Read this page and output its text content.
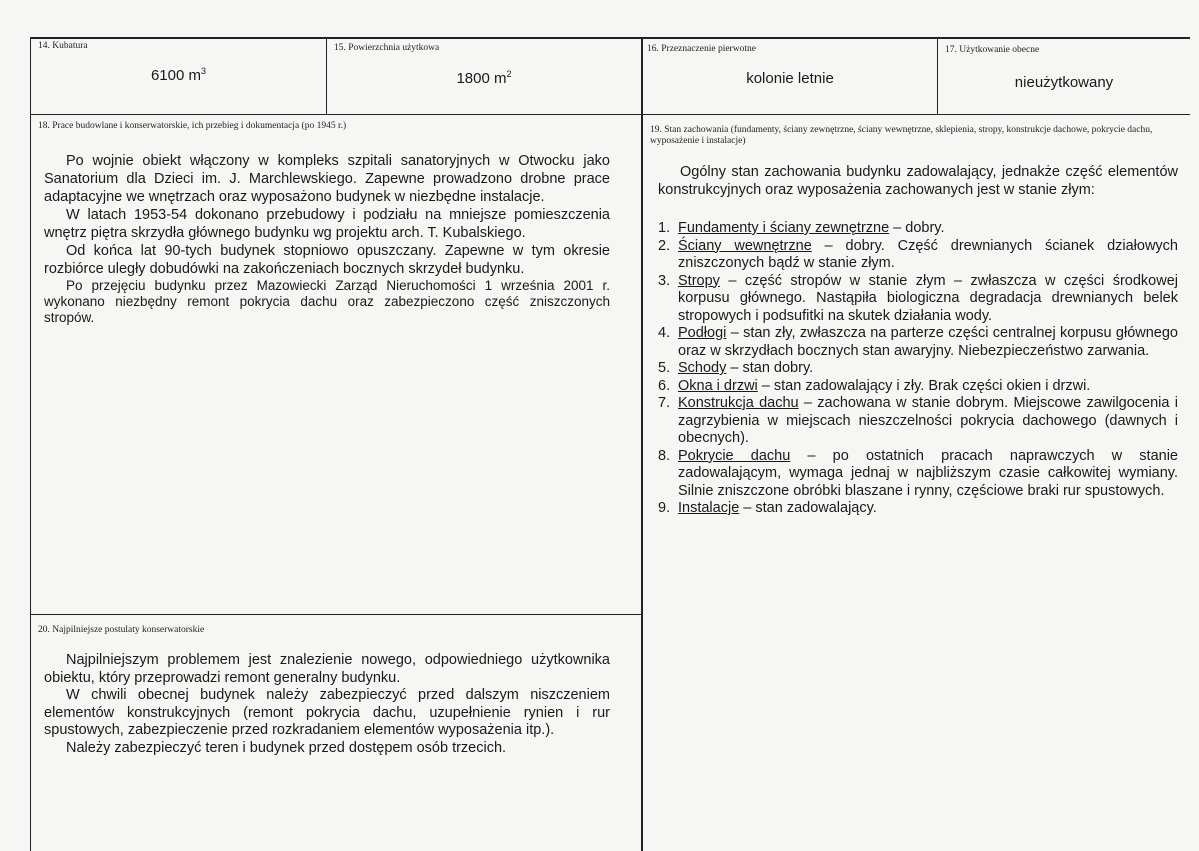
14. Kubatura
6100 $m^3$
15. Powierzchnia użytkowa
1800 $m^2$
16. Przeznaczenie pierwotne
kolonie letnie
17. Użytkowanie obecne
nieużytkowany
18. Prace budowlane i konserwatorskie, ich przebieg i dokumentacja (po 1945 r.)

Po wojnie obiekt włączony w kompleks szpitali sanatoryjnych w Otwocku jako Sanatorium dla Dzieci im. J. Marchlewskiego. Zapewne prowadzono drobne prace adaptacyjne we wnętrzach oraz wyposażono budynek w niezbędne instalacje.

W latach 1953-54 dokonano przebudowy i podziału na mniejsze pomieszczenia wnętrz piętra skrzydła głównego budynku wg projektu arch. T. Kubalskiego.

Od końca lat 90-tych budynek stopniowo opuszczany. Zapewne w tym okresie rozbiórce uległy dobudówki na zakończeniach bocznych skrzydeł budynku.

Po przejęciu budynku przez Mazowiecki Zarząd Nieruchomości 1 września 2001 r. wykonano niezbędny remont pokrycia dachu oraz zabezpieczono część zniszczonych stropów.

19. Stan zachowania (fundamenty, ściany zewnętrzne, ściany wewnętrzne, sklepienia, stropy, konstrukcje dachowe, pokrycie dachu, wyposażenie i instalacje)

Ogólny stan zachowania budynku zadowalający, jednakże część elementów konstrukcyjnych oraz wyposażenia zachowanych jest w stanie złym:

1. Fundamenty i ściany zewnętrzne – dobry.
2. Ściany wewnętrzne – dobry. Część drewnianych ścianek działowych zniszczonych bądź w stanie złym.
3. Stropy – część stropów w stanie złym – zwłaszcza w części środkowej korpusu głównego. Nastąpiła biologiczna degradacja drewnianych belek stropowych i podsufitki na skutek działania wody.
4. Podłogi – stan zły, zwłaszcza na parterze części centralnej korpusu głównego oraz w skrzydłach bocznych stan awaryjny. Niebezpieczeństwo zarwania.
5. Schody – stan dobry.
6. Okna i drzwi – stan zadowalający i zły. Brak części okien i drzwi.
7. Konstrukcja dachu – zachowana w stanie dobrym. Miejscowe zawilgocenia i zagrzybienia w miejscach nieszczelności pokrycia dachowego (dawnych i obecnych).
8. Pokrycie dachu – po ostatnich pracach naprawczych w stanie zadowalającym, wymaga jednaj w najbliższym czasie całkowitej wymiany. Silnie zniszczone obróbki blaszane i rynny, częściowe braki rur spustowych.
9. Instalacje – stan zadowalający.
20. Najpilniejsze postulaty konserwatorskie

Najpilniejszym problemem jest znalezienie nowego, odpowiedniego użytkownika obiektu, który przeprowadzi remont generalny budynku.

W chwili obecnej budynek należy zabezpieczyć przed dalszym niszczeniem elementów konstrukcyjnych (remont pokrycia dachu, uzupełnienie rynien i rur spustowych, zabezpieczenie przed rozkradaniem elementów wyposażenia itp.).

Należy zabezpieczyć teren i budynek przed dostępem osób trzecich.
